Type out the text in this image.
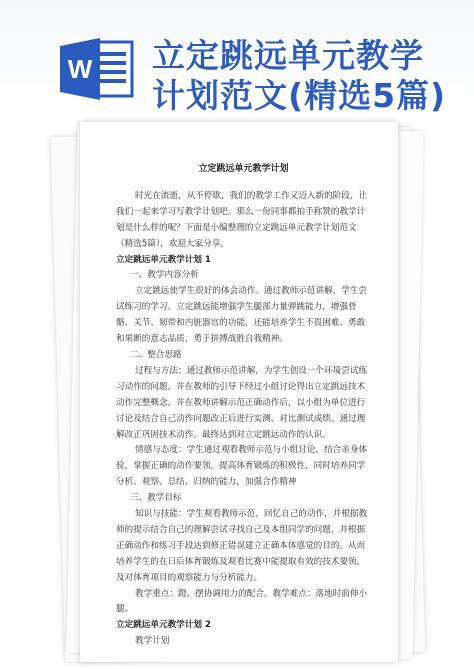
W 立定跳远单元教学
计划范文(精选5篇)
立定跳远单元教学计划

时光在流逝，从不停歇，我们的教学工作又迈入新的阶段，让我们一起来学习写教学计划吧。那么一份同事都拍手称赞的教学计划是什么样的呢？下面是小编整理的立定跳远单元教学计划范文（精选5篇），欢迎大家分享。

立定跳远单元教学计划 1

一、教学内容分析

立定跳远使学生很好的体会动作。通过教师示范讲解，学生尝试练习的学习。立定跳远能增强学生腿部力量弹跳能力，增强骨骼、关节、韧带和内脏器官的功能，还能培养学生不畏困难、勇敢和果断的意志品质，勇于拼搏战胜自我精神。

二、整合思路

过程与方法：通过教师示范讲解，为学生创设一个环境尝试练习动作的问题，并在教师的引导下经过小组讨论得出立定跳远技术动作完整概念，并在教师讲解示范正确动作后，以小组为单位进行讨论及结合自己动作问题改正后进行实测，对比测试成绩。通过理解改正巩固技术动作。最终达到对立定跳远动作的认识。

情感与态度：学生通过观看教师示范与小组讨论，结合亲身体验，掌握正确的动作要领，提高体育锻炼的积极性，同时培养同学分析、观察、总结、归纳的能力，加强合作精神

三、教学目标

知识与技能：学生观看教师示范，回忆自己的动作，并根据教师的提示结合自己的理解尝试寻找自己及本组同学的问题，并根据正确动作和练习手段达到修正错误建立正确本体感觉的目的。从而培养学生的在日后体育锻炼及观看比赛中能提取有效的技术要领，及对体育项目的观察能力与分析能力。

教学重点：蹬、摆协调用力的配合。教学难点：落地时前伸小腿。

立定跳远单元教学计划 2

教学计划
